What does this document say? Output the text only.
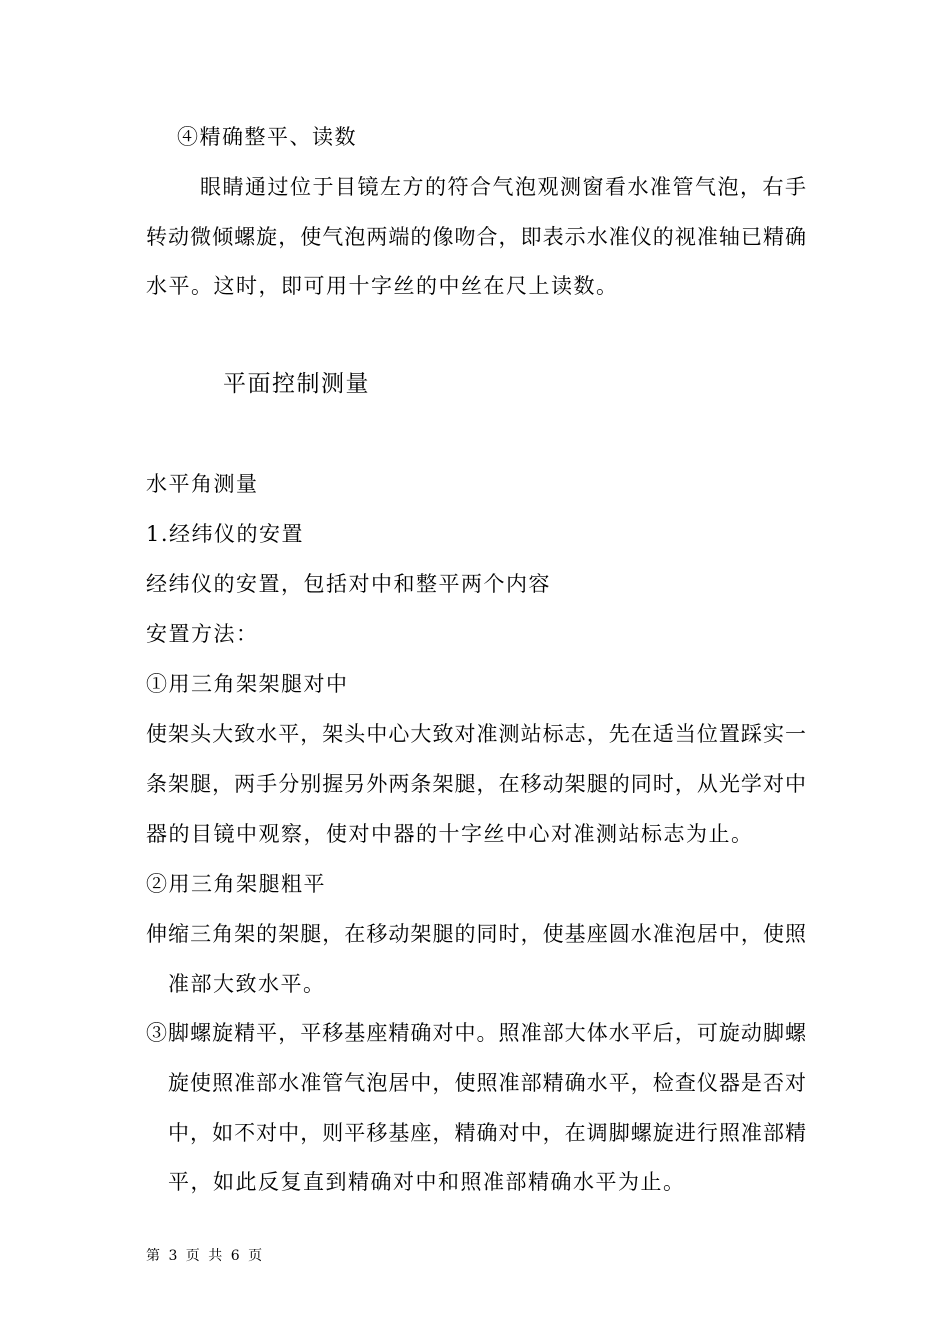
④精确整平、读数
眼睛通过位于目镜左方的符合气泡观测窗看水准管气泡，右手
转动微倾螺旋，使气泡两端的像吻合，即表示水准仪的视准轴已精确
水平。这时，即可用十字丝的中丝在尺上读数。
平面控制测量
水平角测量
1.经纬仪的安置
经纬仪的安置，包括对中和整平两个内容
安置方法：
①用三角架架腿对中
使架头大致水平，架头中心大致对准测站标志，先在适当位置踩实一
条架腿，两手分别握另外两条架腿，在移动架腿的同时，从光学对中
器的目镜中观察，使对中器的十字丝中心对准测站标志为止。
②用三角架腿粗平
伸缩三角架的架腿，在移动架腿的同时，使基座圆水准泡居中，使照
准部大致水平。
③脚螺旋精平，平移基座精确对中。照准部大体水平后，可旋动脚螺
旋使照准部水准管气泡居中，使照准部精确水平，检查仪器是否对
中，如不对中，则平移基座，精确对中，在调脚螺旋进行照准部精
平，如此反复直到精确对中和照准部精确水平为止。
第 3 页 共 6 页
